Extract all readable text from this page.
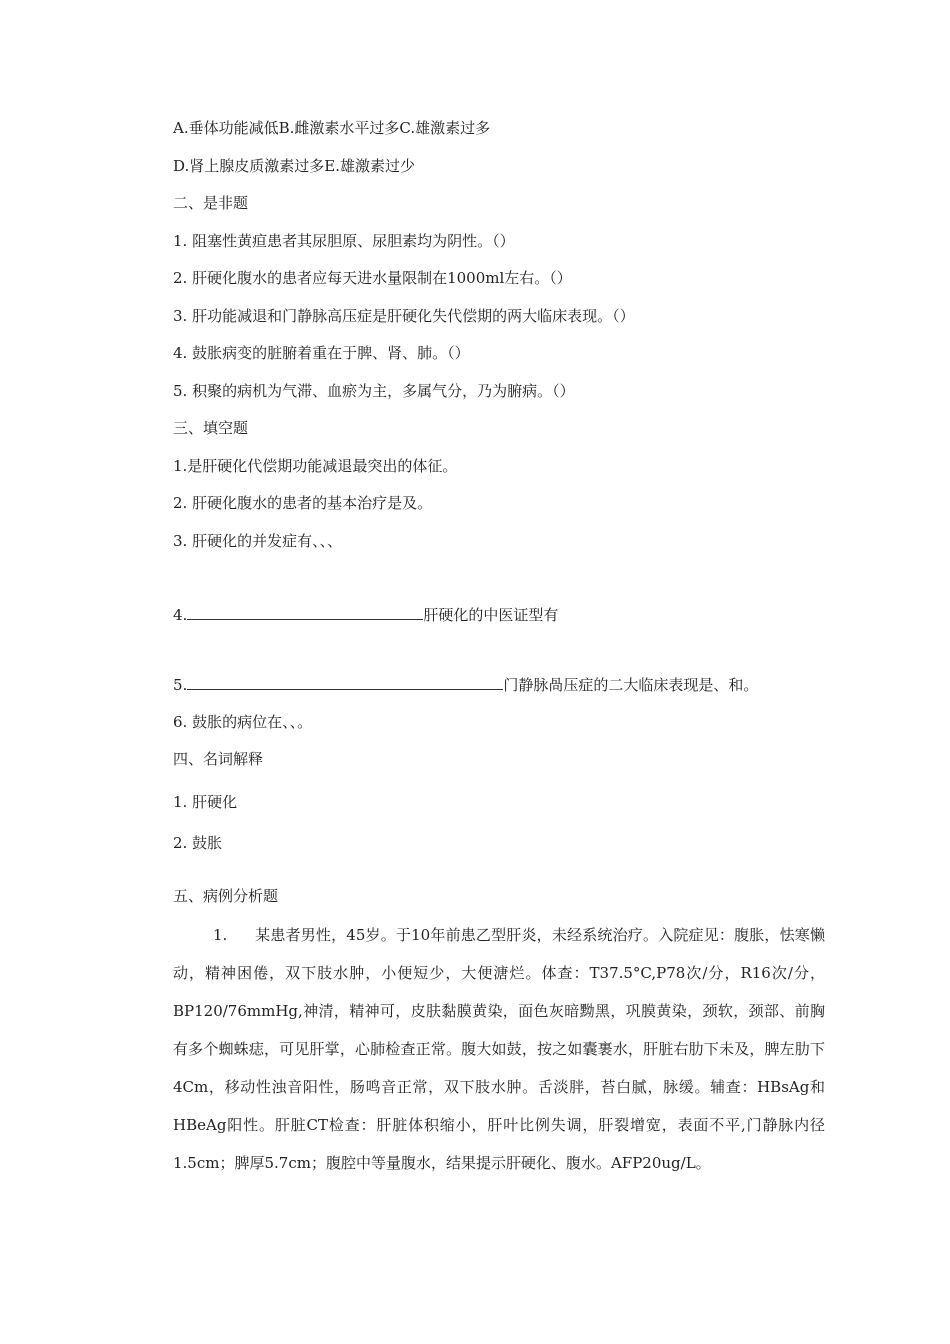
A.垂体功能减低B.雌激素水平过多C.雄激素过多

D.肾上腺皮质激素过多E.雄激素过少

二、是非题

1. 阻塞性黄疸患者其尿胆原、尿胆素均为阴性。（）

2. 肝硬化腹水的患者应每天进水量限制在1000ml左右。（）

3. 肝功能减退和门静脉高压症是肝硬化失代偿期的两大临床表现。（）

4. 鼓胀病变的脏腑着重在于脾、肾、肺。（）

5. 积聚的病机为气滞、血瘀为主，多属气分，乃为腑病。（）

三、填空题

1.是肝硬化代偿期功能减退最突出的体征。

2. 肝硬化腹水的患者的基本治疗是及。

3. 肝硬化的并发症有、、、

4.	肝硬化的中医证型有

5.	门静脉咼压症的二大临床表现是、和。

6. 鼓胀的病位在、、。

四、名词解释

1. 肝硬化

2. 鼓胀

五、病例分析题

1. 某患者男性，45岁。于10年前患乙型肝炎，未经系统治疗。入院症见：腹胀，怯寒懒动，精神困倦，双下肢水肿，小便短少，大便溏烂。体查：T37.5°C,P78次/分，R16次/分，BP120/76mmHg,神清，精神可，皮肤黏膜黄染，面色灰暗黝黑，巩膜黄染，颈软，颈部、前胸有多个蜘蛛痣，可见肝掌，心肺检查正常。腹大如鼓，按之如囊裹水，肝脏右肋下未及，脾左肋下4Cm，移动性浊音阳性，肠鸣音正常，双下肢水肿。舌淡胖，苔白腻，脉缓。辅查：HBsAg和HBeAg阳性。肝脏CT检查：肝脏体积缩小，肝叶比例失调，肝裂增宽，表面不平,门静脉内径1.5cm；脾厚5.7cm；腹腔中等量腹水，结果提示肝硬化、腹水。AFP20ug/L。
